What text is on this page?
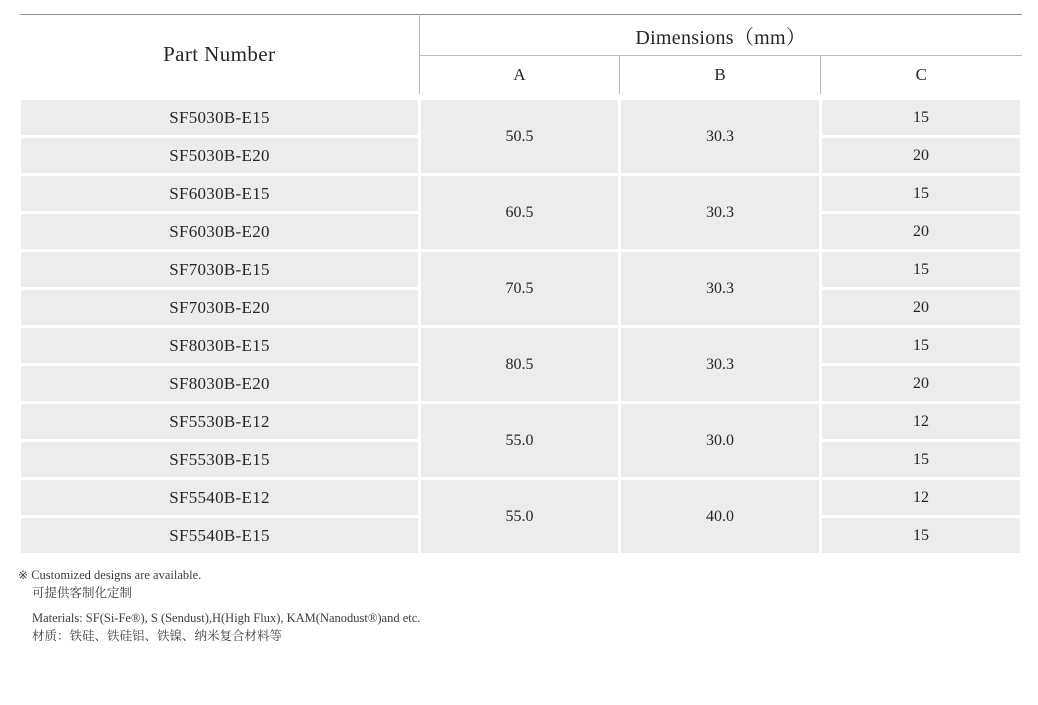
Part Number	Dimensions（mm）		
	A	B	C
SF5030B-E15	50.5	30.3	15
SF5030B-E20			20
SF6030B-E15	60.5	30.3	15
SF6030B-E20			20
SF7030B-E15	70.5	30.3	15
SF7030B-E20			20
SF8030B-E15	80.5	30.3	15
SF8030B-E20			20
SF5530B-E12	55.0	30.0	12
SF5530B-E15			15
SF5540B-E12	55.0	40.0	12
SF5540B-E15			15
※ Customized designs are available.
可提供客制化定制
Materials: SF(Si-Fe®), S (Sendust),H(High Flux), KAM(Nanodust®)and etc.
材质：铁硅、铁硅铝、铁镍、纳米复合材料等
